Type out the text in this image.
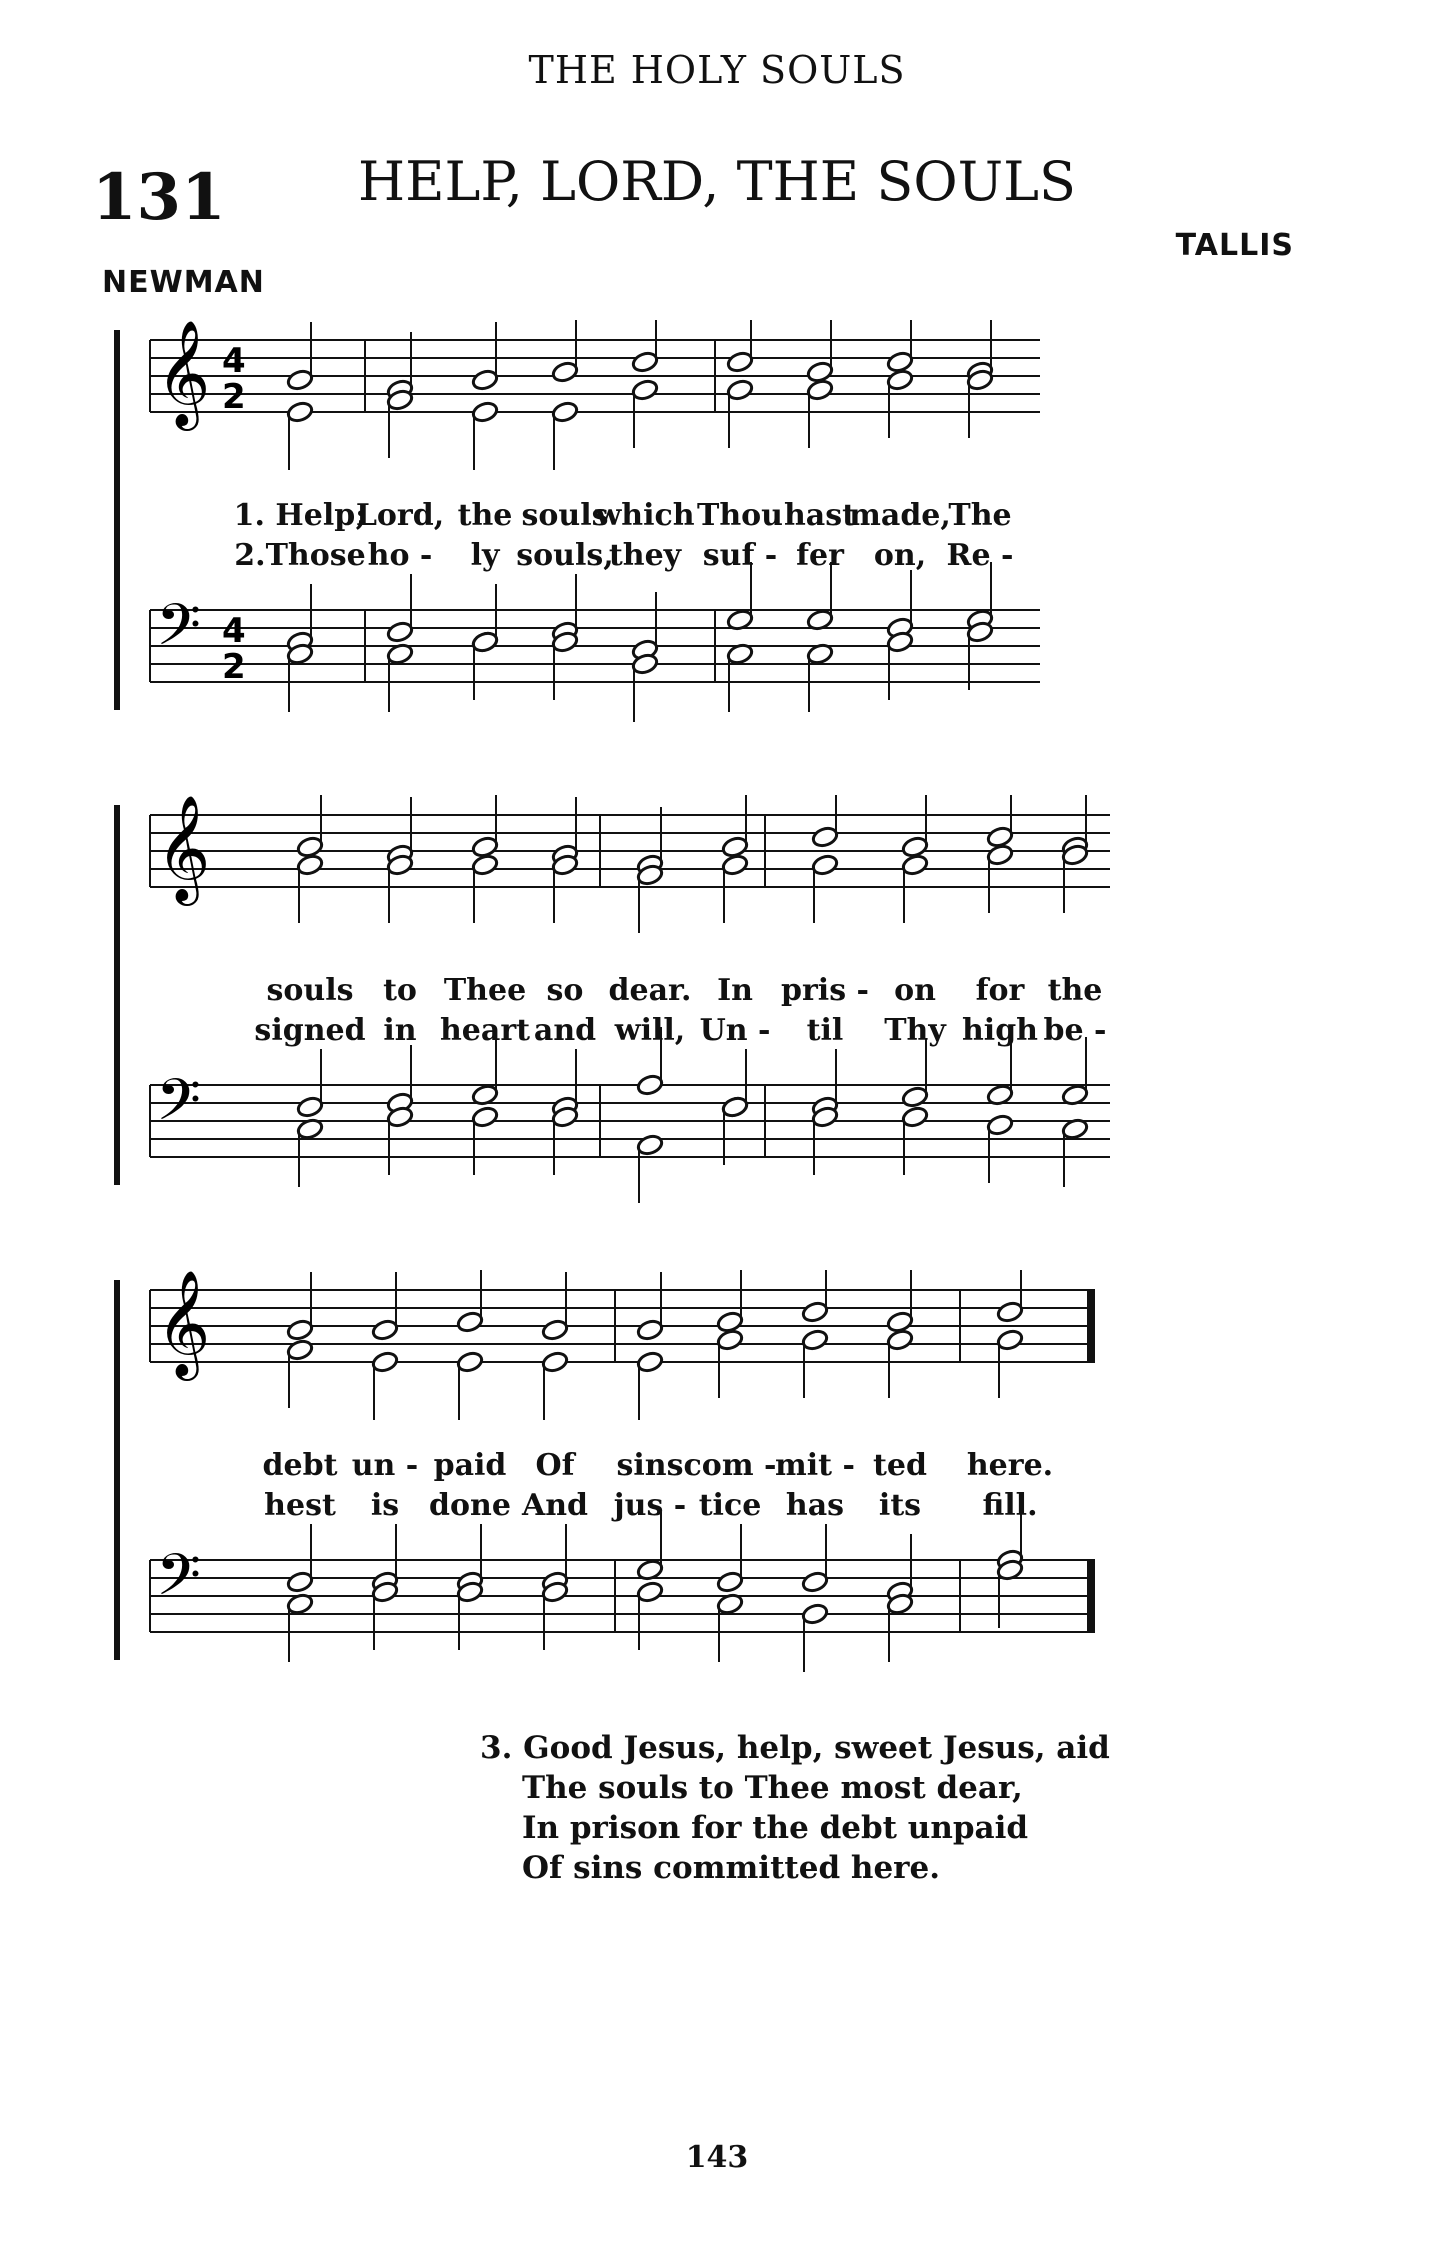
THE HOLY SOULS
131	HELP, LORD, THE SOULS
NEWMAN
TALLIS
𝄞 4
2
𝄢 4
2
1. Help;
Lord, the souls
which Thou hast
made,
The
2.Those ho - ly souls,
they suf - fer on, Re -
𝄞
𝄢
souls to Thee so dear. In pris - on for the
signed in heart and will, Un - til Thy high be -
𝄞
𝄢
debt un - paid Of sins com -
mit - ted here.
hest is done And jus - tice has its fill.
3. Good Jesus, help, sweet Jesus, aid
The souls to Thee most dear,
In prison for the debt unpaid
Of sins committed here.
143
